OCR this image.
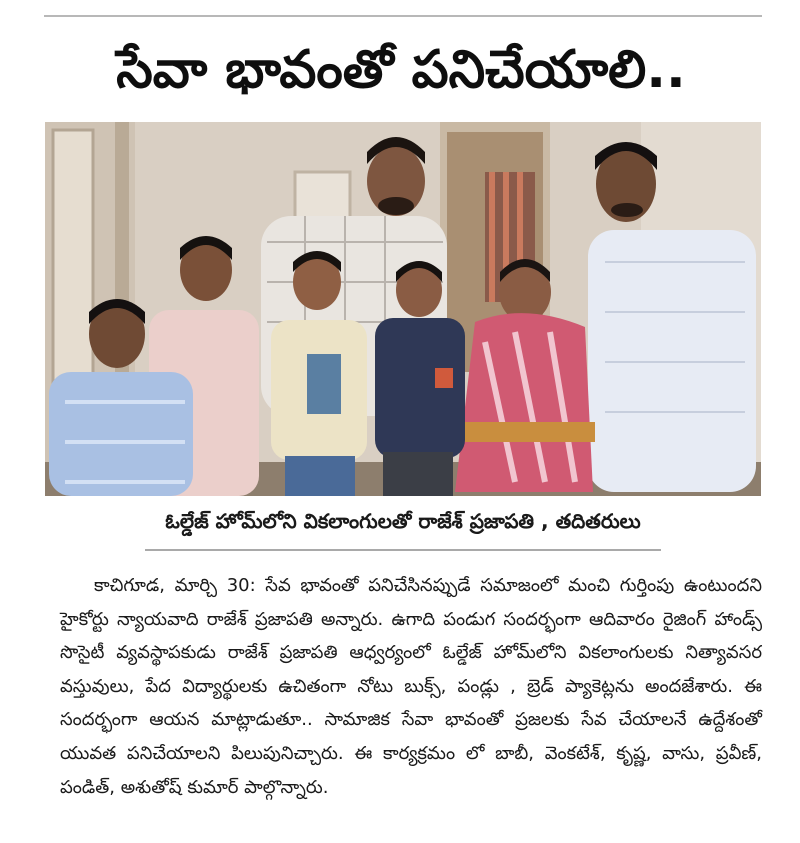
సేవా భావంతో పనిచేయాలి..

ఓల్డేజ్ హోమ్‌లోని వికలాంగులతో రాజేశ్ ప్రజాపతి , తదితరులు

కాచిగూడ, మార్చి 30: సేవ భావంతో పనిచేసినప్పుడే సమాజంలో మంచి గుర్తింపు ఉంటుందని హైకోర్టు న్యాయవాది రాజేశ్ ప్రజాపతి అన్నారు. ఉగాది పండుగ సందర్భంగా ఆదివారం రైజింగ్ హాండ్స్ సొసైటీ వ్యవస్థాపకుడు రాజేశ్ ప్రజాపతి ఆధ్వర్యంలో ఓల్డేజ్ హోమ్‌లోని వికలాంగులకు నిత్యావసర వస్తువులు, పేద విద్యార్థులకు ఉచితంగా నోటు బుక్స్, పండ్లు , బ్రెడ్ ప్యాకెట్లను అందజేశారు. ఈ సందర్భంగా ఆయన మాట్లాడుతూ.. సామాజిక సేవా భావంతో ప్రజలకు సేవ చేయాలనే ఉద్దేశంతో యువత పనిచేయాలని పిలుపునిచ్చారు. ఈ కార్యక్రమం లో బాబీ, వెంకటేశ్, కృష్ణ, వాసు, ప్రవీణ్, పండిత్, అశుతోష్ కుమార్ పాల్గొన్నారు.
